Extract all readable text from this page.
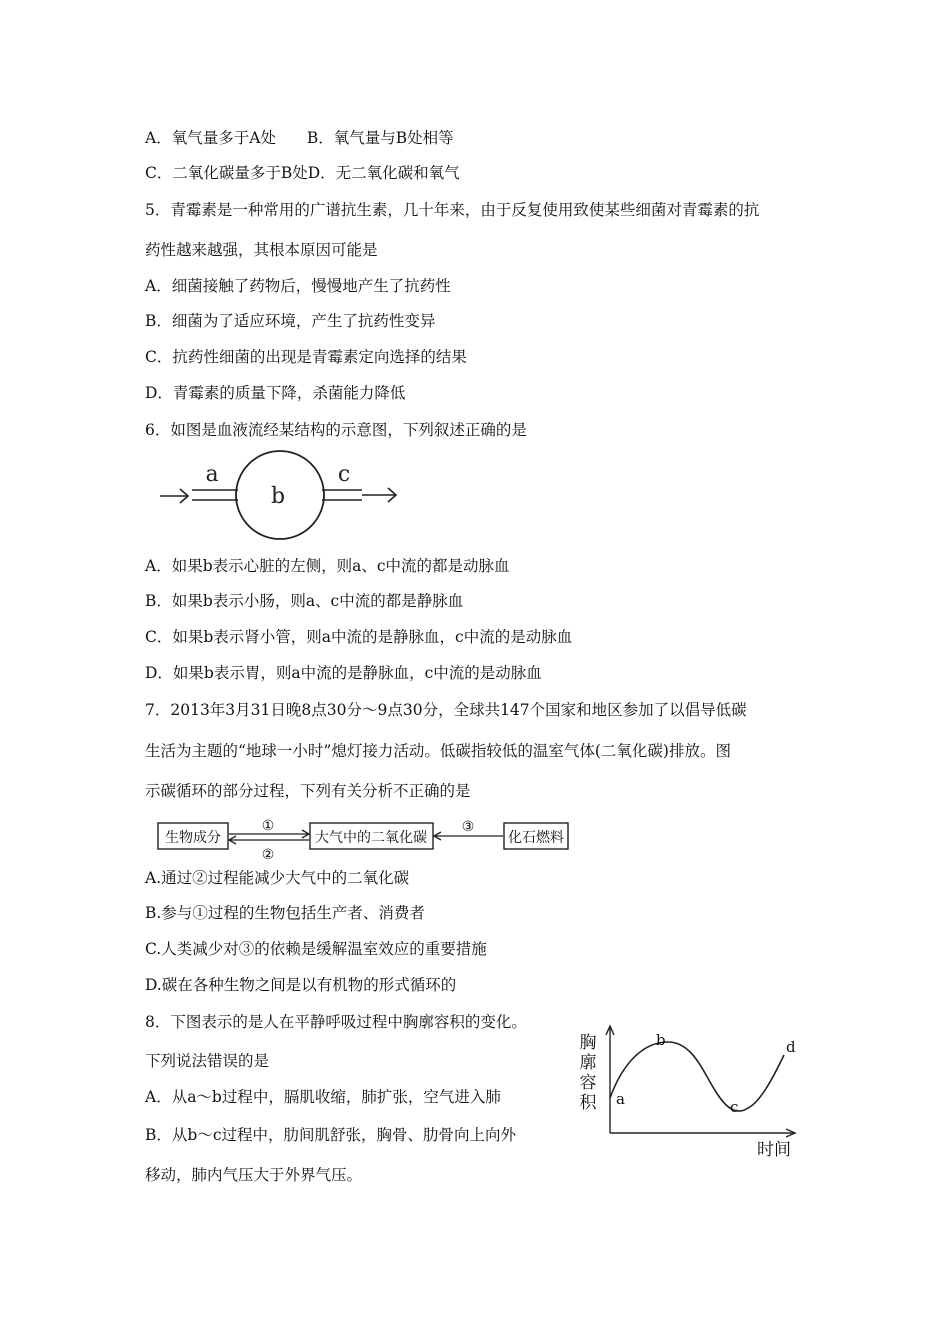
A．氧气量多于A处　　B．氧气量与B处相等
C．二氧化碳量多于B处D．无二氧化碳和氧气
5．青霉素是一种常用的广谱抗生素，几十年来，由于反复使用致使某些细菌对青霉素的抗
药性越来越强，其根本原因可能是
A．细菌接触了药物后，慢慢地产生了抗药性
B．细菌为了适应环境，产生了抗药性变异
C．抗药性细菌的出现是青霉素定向选择的结果
D．青霉素的质量下降，杀菌能力降低
6．如图是血液流经某结构的示意图，下列叙述正确的是
a
b
c
A．如果b表示心脏的左侧，则a、c中流的都是动脉血
B．如果b表示小肠，则a、c中流的都是静脉血
C．如果b表示肾小管，则a中流的是静脉血，c中流的是动脉血
D．如果b表示胃，则a中流的是静脉血，c中流的是动脉血
7．2013年3月31日晚8点30分～9点30分，全球共147个国家和地区参加了以倡导低碳
生活为主题的“地球一小时”熄灯接力活动。低碳指较低的温室气体(二氧化碳)排放。图
示碳循环的部分过程，下列有关分析不正确的是
生物成分	大气中的二氧化碳	化石燃料
①
②
③
A.通过②过程能减少大气中的二氧化碳
B.参与①过程的生物包括生产者、消费者
C.人类减少对③的依赖是缓解温室效应的重要措施
D.碳在各种生物之间是以有机物的形式循环的
8．下图表示的是人在平静呼吸过程中胸廓容积的变化。
下列说法错误的是
A．从a～b过程中，膈肌收缩，肺扩张，空气进入肺
B．从b～c过程中，肋间肌舒张，胸骨、肋骨向上向外
移动，肺内气压大于外界气压。
胸
廓
容
积 a
b
c
d
时间
